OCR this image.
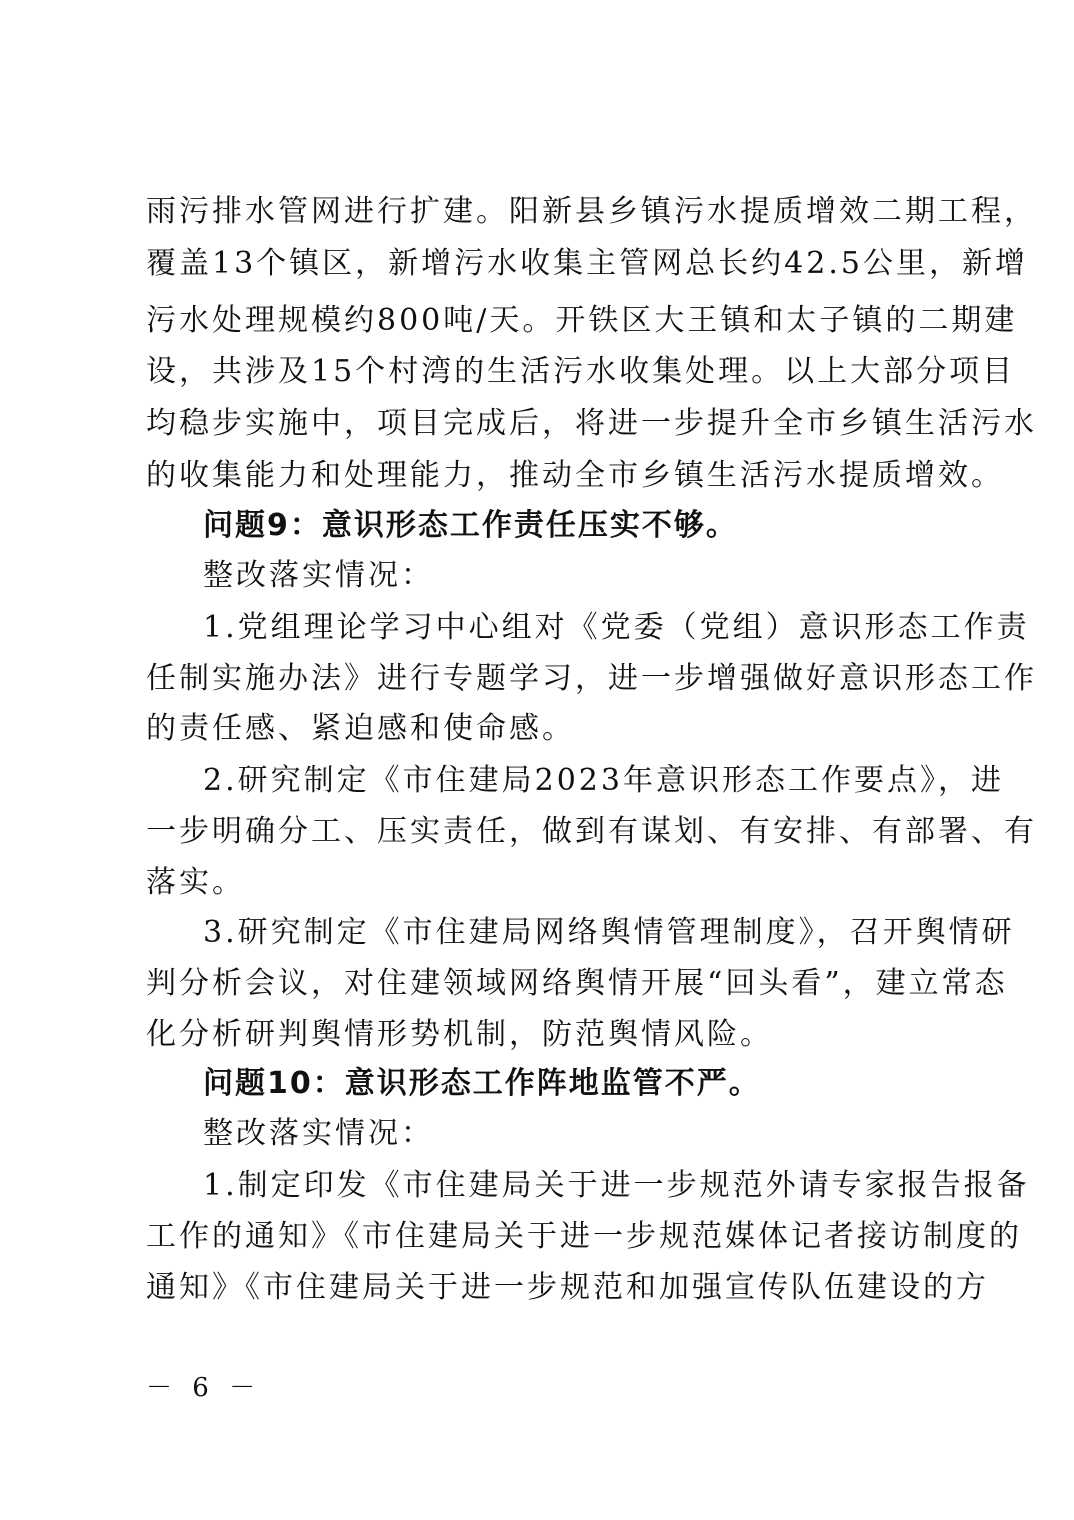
雨污排水管网进行扩建。阳新县乡镇污水提质增效二期工程，
覆盖13个镇区，新增污水收集主管网总长约42.5公里，新增
污水处理规模约800吨/天。开铁区大王镇和太子镇的二期建
设，共涉及15个村湾的生活污水收集处理。以上大部分项目
均稳步实施中，项目完成后，将进一步提升全市乡镇生活污水
的收集能力和处理能力，推动全市乡镇生活污水提质增效。
问题9：意识形态工作责任压实不够。
整改落实情况：
1.党组理论学习中心组对《党委（党组）意识形态工作责
任制实施办法》进行专题学习，进一步增强做好意识形态工作
的责任感、紧迫感和使命感。
2.研究制定《市住建局2023年意识形态工作要点》，进
一步明确分工、压实责任，做到有谋划、有安排、有部署、有
落实。
3.研究制定《市住建局网络舆情管理制度》，召开舆情研
判分析会议，对住建领域网络舆情开展“回头看”，建立常态
化分析研判舆情形势机制，防范舆情风险。
问题10：意识形态工作阵地监管不严。
整改落实情况：
1.制定印发《市住建局关于进一步规范外请专家报告报备
工作的通知》《市住建局关于进一步规范媒体记者接访制度的
通知》《市住建局关于进一步规范和加强宣传队伍建设的方
－ 6 －
